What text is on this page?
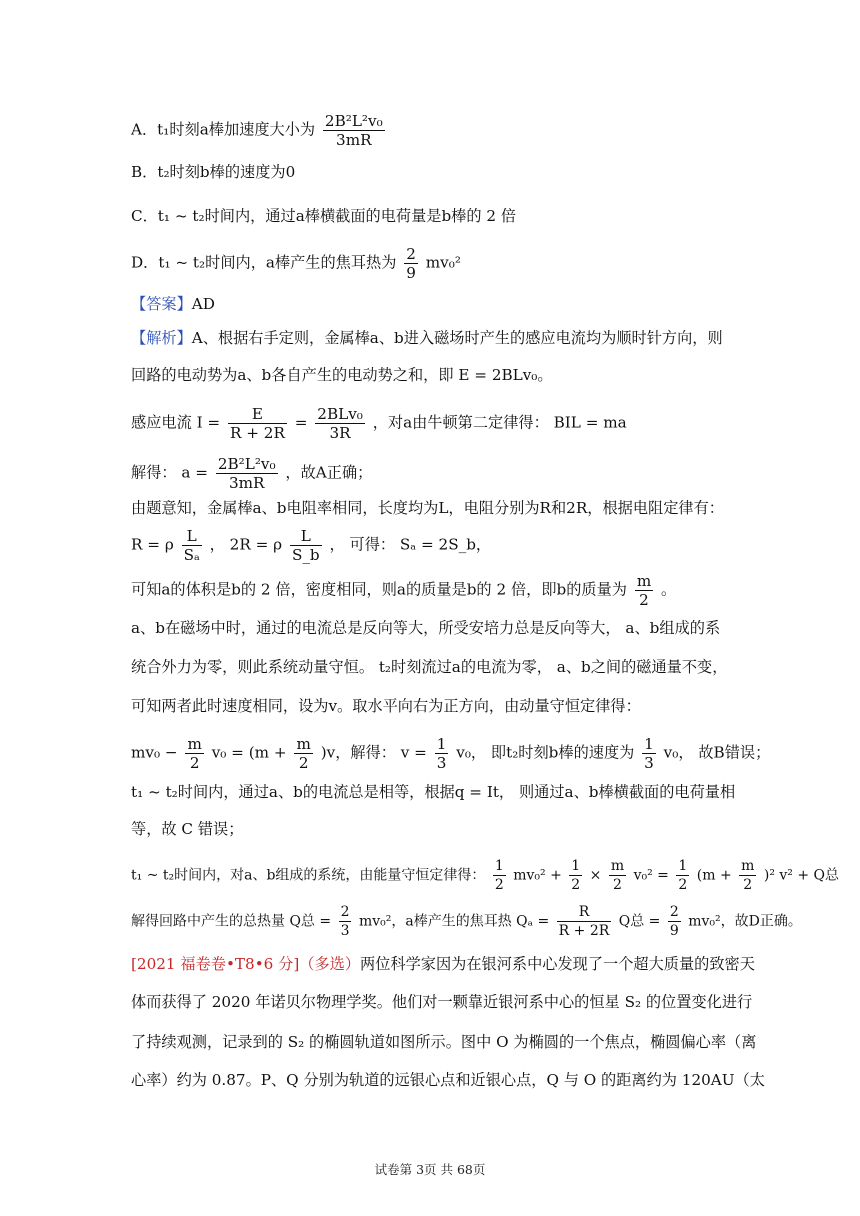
A．t₁时刻a棒加速度大小为 $\frac{\text{2B²L²v₀}}{3mR}$
B．t₂时刻b棒的速度为0
C．t₁ ~ t₂时间内，通过a棒横截面的电荷量是b棒的 2 倍
D．t₁ ~ t₂时间内，a棒产生的焦耳热为 $\frac{2}{9} mv_0^2$
【答案】AD
【解析】A、根据右手定则，金属棒a、b进入磁场时产生的感应电流均为顺时针方向，则
回路的电动势为a、b各自产生的电动势之和，即 E = 2BLv₀。
感应电流 $I = \frac{E}{R + 2R} = \frac{\text{2BLv₀}}{3R}$ ，对a由牛顿第二定律得： BIL = ma
解得： $a = \frac{\text{2B²L²v₀}}{3mR}$ ，故A正确；
由题意知，金属棒a、b电阻率相同，长度均为L，电阻分别为R和2R，根据电阻定律有：
R = ρ $\frac{L}{\text{Sₐ}}$ ， 2R = ρ $\frac{L}{S\_b}$ ， 可得： Sₐ = 2S_b，
可知a的体积是b的 2 倍，密度相同，则a的质量是b的 2 倍，即b的质量为 $\frac{m}{2}$ 。
a、b在磁场中时，通过的电流总是反向等大，所受安培力总是反向等大， a、b组成的系
统合外力为零，则此系统动量守恒。 t₂时刻流过a的电流为零， a、b之间的磁通量不变，
可知两者此时速度相同，设为v。取水平向右为正方向，由动量守恒定律得：
$mv_0 - \frac{m}{2} v_0 = (m + \frac{m}{2} )v$，解得： $v = \frac{1}{3} v_0$， 即t₂时刻b棒的速度为 $\frac{1}{3} v_0$， 故B错误；
t₁ ~ t₂时间内，通过a、b的电流总是相等，根据q = It， 则通过a、b棒横截面的电荷量相
等，故 C 错误；
t₁ ~ t₂时间内，对a、b组成的系统，由能量守恒定律得： $\frac{1}{2} mv_0^2 + \frac{1}{2} \times \frac{m}{2} v_0^2 = \frac{1}{2} (m + \frac{m}{2} )^2$ v² + Q总
解得回路中产生的总热量 Q总 = $\frac{2}{3} mv_0^2$，a棒产生的焦耳热 $Q_a = \frac{R}{R + 2R}$ Q总 = $\frac{2}{9} mv_0^2$，故D正确。
[2021 福卷卷•T8•6 分]（多选）两位科学家因为在银河系中心发现了一个超大质量的致密天
体而获得了 2020 年诺贝尔物理学奖。他们对一颗靠近银河系中心的恒星 S₂ 的位置变化进行
了持续观测，记录到的 S₂ 的椭圆轨道如图所示。图中 O 为椭圆的一个焦点，椭圆偏心率（离
心率）约为 0.87。P、Q 分别为轨道的远银心点和近银心点，Q 与 O 的距离约为 120AU（太
试卷第 3页 共 68页
